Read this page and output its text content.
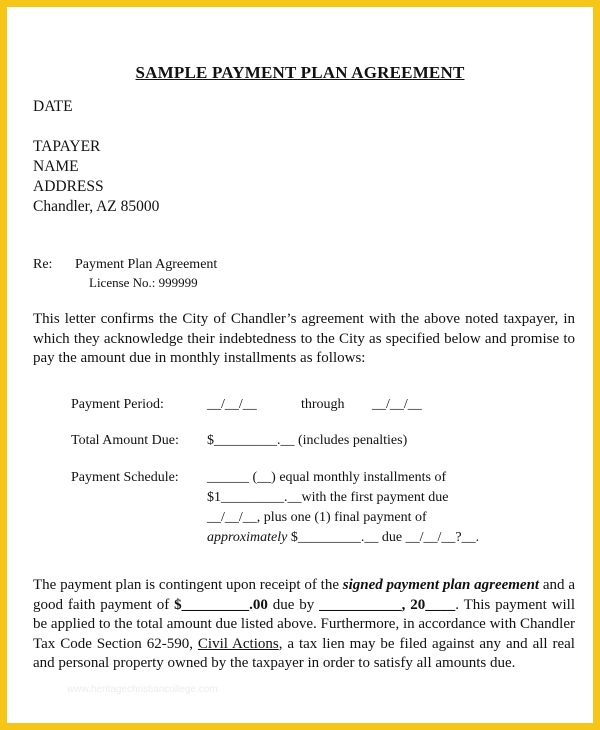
SAMPLE PAYMENT PLAN AGREEMENT
DATE
TAPAYER
NAME
ADDRESS
Chandler, AZ 85000
Re: Payment Plan Agreement
License No.: 999999
This letter confirms the City of Chandler’s agreement with the above noted taxpayer, in which they acknowledge their indebtedness to the City as specified below and promise to pay the amount due in monthly installments as follows:
Payment Period:	__/__/__	through __/__/__
Total Amount Due: $_________.__ (includes penalties)
Payment Schedule: ______ (__) equal monthly installments of
$1_________.__with the first payment due
__/__/__, plus one (1) final payment of
approximately $_________.__ due __/__/__?__.
The payment plan is contingent upon receipt of the signed payment plan agreement and a good faith payment of $_________.00 due by ___________, 20____. This payment will be applied to the total amount due listed above. Furthermore, in accordance with Chandler Tax Code Section 62-590, Civil Actions, a tax lien may be filed against any and all real and personal property owned by the taxpayer in order to satisfy all amounts due.
www.heritagechristiancollege.com
